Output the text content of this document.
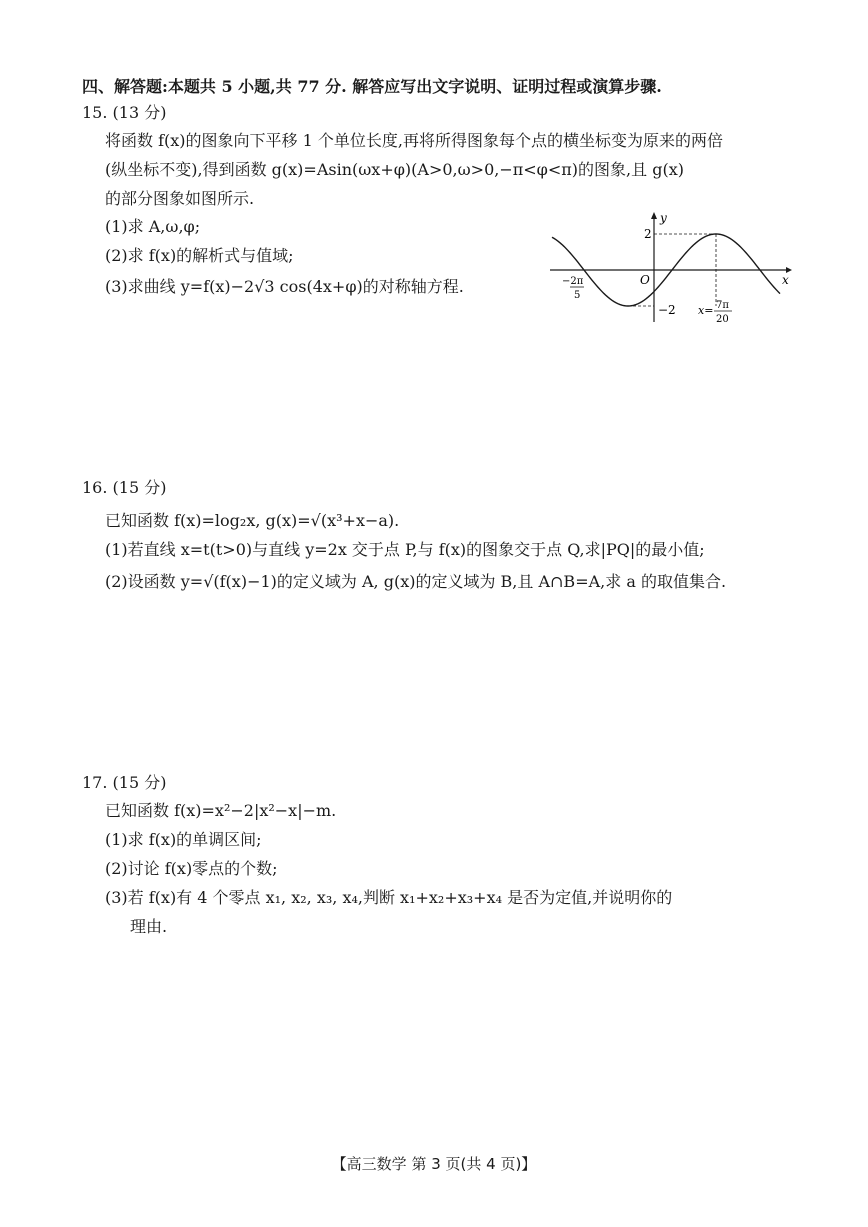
四、解答题:本题共 5 小题,共 77 分. 解答应写出文字说明、证明过程或演算步骤.
15. (13 分)
将函数 f(x)的图象向下平移 1 个单位长度,再将所得图象每个点的横坐标变为原来的两倍
(纵坐标不变),得到函数 g(x)=Asin(ωx+φ)(A>0,ω>0,−π<φ<π)的图象,且 g(x)
的部分图象如图所示.
(1)求 A,ω,φ;
(2)求 f(x)的解析式与值域;
(3)求曲线 y=f(x)−2√3 cos(4x+φ)的对称轴方程.	x
y
O
2
−2
−2π
5
x= 7π
20
16. (15 分)
已知函数 f(x)=log₂x, g(x)=√(x³+x−a).
(1)若直线 x=t(t>0)与直线 y=2x 交于点 P,与 f(x)的图象交于点 Q,求|PQ|的最小值;
(2)设函数 y=√(f(x)−1)的定义域为 A, g(x)的定义域为 B,且 A∩B=A,求 a 的取值集合.
17. (15 分)
已知函数 f(x)=x²−2|x²−x|−m.
(1)求 f(x)的单调区间;
(2)讨论 f(x)零点的个数;
(3)若 f(x)有 4 个零点 x₁, x₂, x₃, x₄,判断 x₁+x₂+x₃+x₄ 是否为定值,并说明你的
理由.
【高三数学 第 3 页(共 4 页)】
